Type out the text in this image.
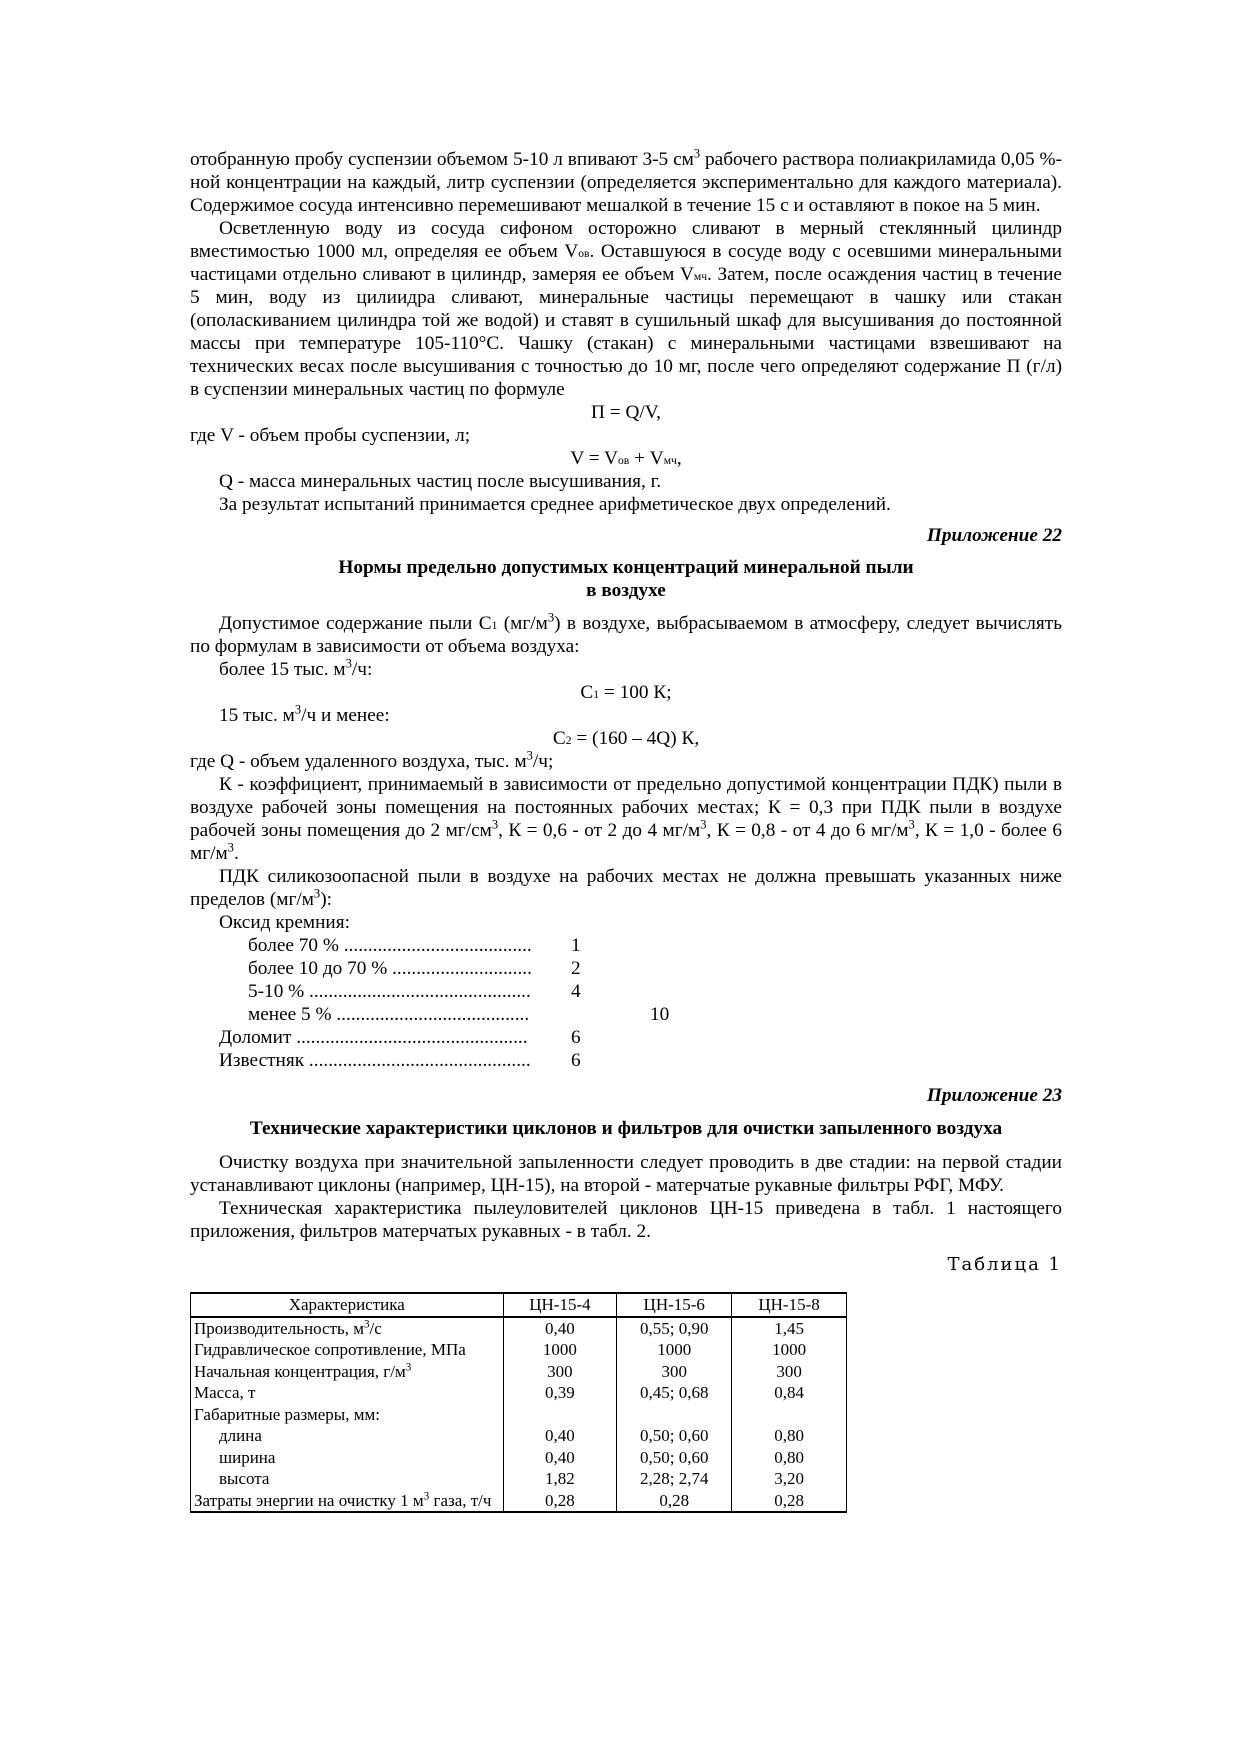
отобранную пробу суспензии объемом 5-10 л впивают 3-5 $см^3$ рабочего раствора полиакриламида 0,05 %-ной концентрации на каждый, литр суспензии (определяется экспериментально для каждого материала). Содержимое сосуда интенсивно перемешивают мешалкой в течение 15 с и оставляют в покое на 5 мин.

Осветленную воду из сосуда сифоном осторожно сливают в мерный стеклянный цилиндр вместимостью 1000 мл, определяя ее объем Vов. Оставшуюся в сосуде воду с осевшими минеральными частицами отдельно сливают в цилиндр, замеряя ее объем Vмч. Затем, после осаждения частиц в течение 5 мин, воду из цилиидра сливают, минеральные частицы перемещают в чашку или стакан (ополаскиванием цилиндра той же водой) и ставят в сушильный шкаф для высушивания до постоянной массы при температуре 105-110°С. Чашку (стакан) с минеральными частицами взвешивают на технических весах после высушивания с точностью до 10 мг, после чего определяют содержание П (г/л) в суспензии минеральных частиц по формуле

П = Q/V,

где V - объем пробы суспензии, л;

V = Vов + Vмч,

Q - масса минеральных частиц после высушивания, г.

За результат испытаний принимается среднее арифметическое двух определений.

Приложение 22
Нормы предельно допустимых концентраций минеральной пыли
в воздухе

Допустимое содержание пыли С1 $(мг/м^3)$ в воздухе, выбрасываемом в атмосферу, следует вычислять по формулам в зависимости от объема воздуха:

более 15 тыс. $м^3/ч$:

С1 = 100 К;

15 тыс. $м^3/ч$ и менее:

С2 = (160 – 4Q) К,

где Q - объем удаленного воздуха, тыс. $м^3/ч$;

К - коэффициент, принимаемый в зависимости от предельно допустимой концентрации ПДК) пыли в воздухе рабочей зоны помещения на постоянных рабочих местах; К = 0,3 при ПДК пыли в воздухе рабочей зоны помещения до 2 $мг/см^3$, К = 0,6 - от 2 до 4 $мг/м^3$, К = 0,8 - от 4 до 6 $мг/м^3$, К = 1,0 - более 6 $мг/м^3$.

ПДК силикозоопасной пыли в воздухе на рабочих местах не должна превышать указанных ниже пределов $(мг/м^3)$:

Оксид кремния:

более 70 % ....................................... 1
более 10 до 70 % ............................. 2
5-10 % .............................................. 4
менее 5 % ........................................	10
Доломит ................................................ 6
Известняк .............................................. 6
Приложение 23
Технические характеристики циклонов и фильтров для очистки запыленного воздуха

Очистку воздуха при значительной запыленности следует проводить в две стадии: на первой стадии устанавливают циклоны (например, ЦН-15), на второй - матерчатые рукавные фильтры РФГ, МФУ.

Техническая характеристика пылеуловителей циклонов ЦН-15 приведена в табл. 1 настоящего приложения, фильтров матерчатых рукавных - в табл. 2.

Таблица 1
Характеристика	ЦН-15-4	ЦН-15-6	ЦН-15-8
Производительность, $м^3/с$	0,40	0,55; 0,90	1,45
Гидравлическое сопротивление, МПа	1000	1000	1000
Начальная концентрация, $г/м^3$	300	300	300
Масса, т	0,39	0,45; 0,68	0,84
Габаритные размеры, мм:			
длина	0,40	0,50; 0,60	0,80
ширина	0,40	0,50; 0,60	0,80
высота	1,82	2,28; 2,74	3,20
Затраты энергии на очистку 1 $м^3$ газа, т/ч	0,28	0,28	0,28
